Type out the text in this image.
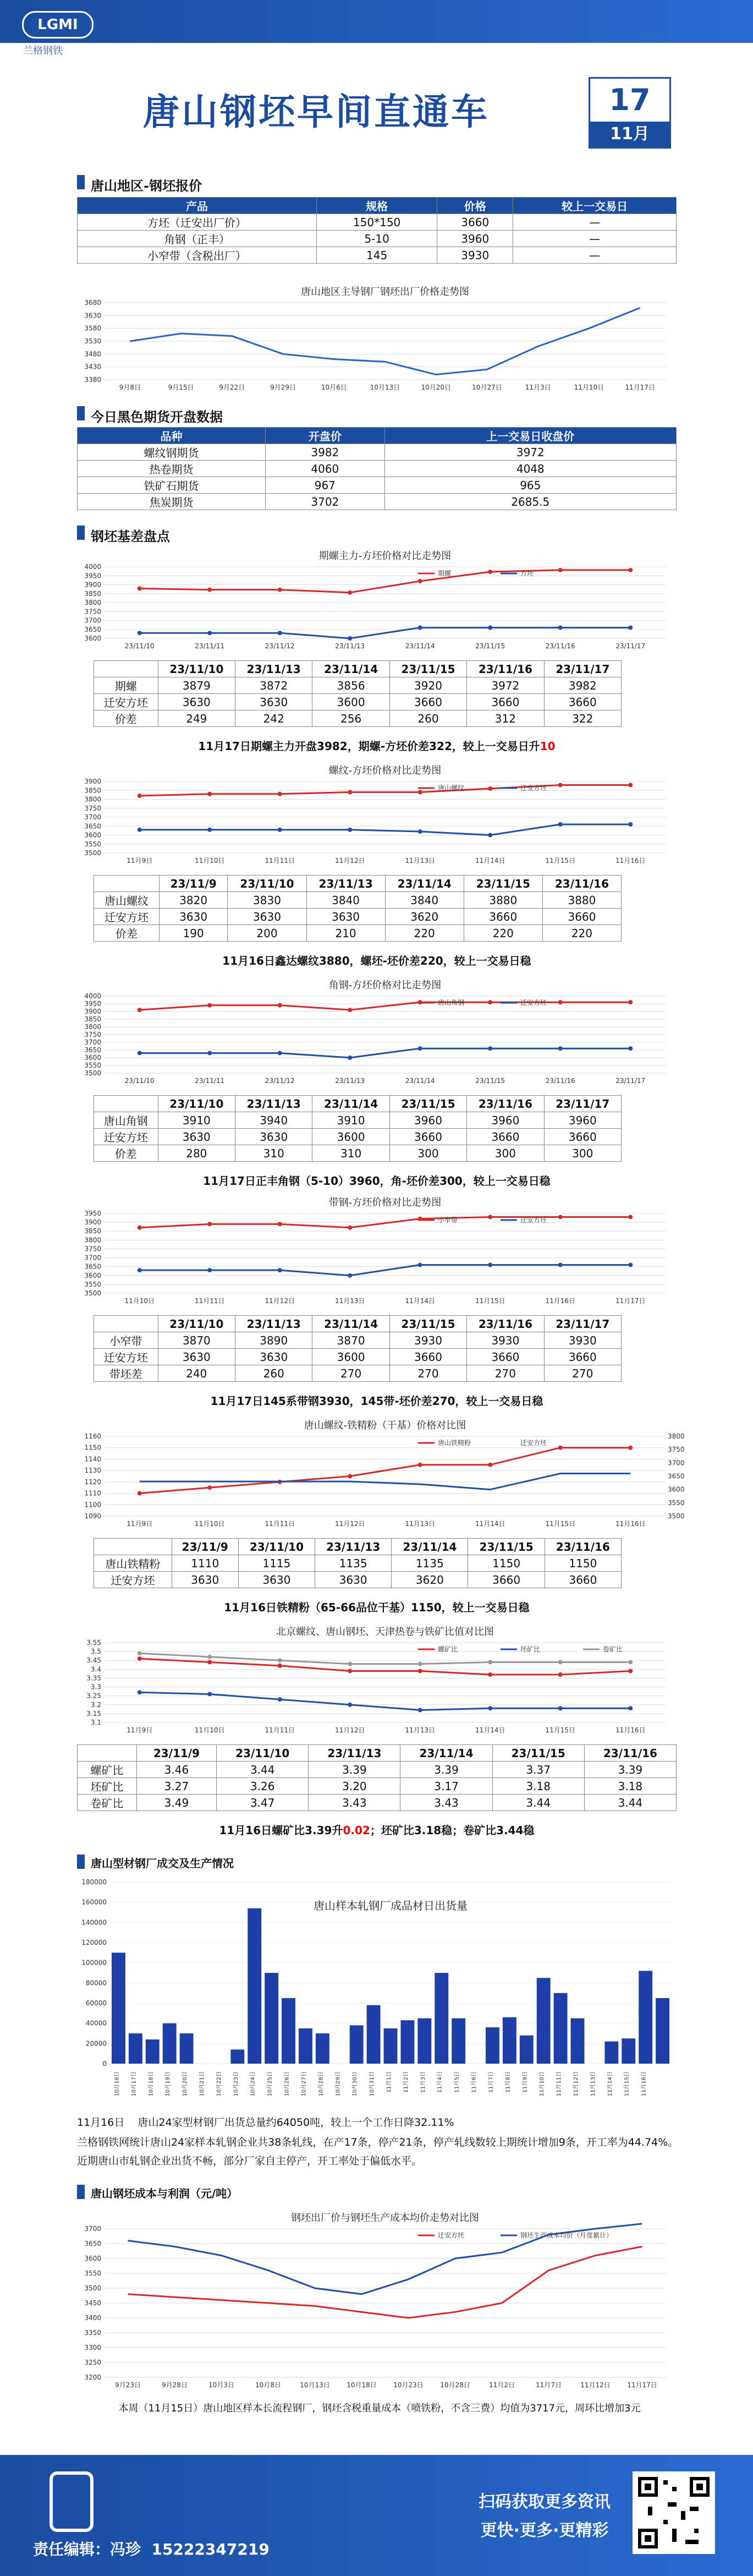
LGMI
兰格钢铁
唐山钢坯早间直通车	17
11月
唐山地区-钢坯报价
产品	规格	价格	较上一交易日
方坯（迁安出厂价）	150*150	3660	—
角钢（正丰）	5-10	3960	—
小窄带（含税出厂）	145	3930	—
3380
3430
3480
3530
3580
3630
3680
9月8日	9月15日	9月22日	9月29日	10月6日	10月13日	10月20日	10月27日	11月3日	11月10日	11月17日
唐山地区主导钢厂钢坯出厂价格走势图
今日黑色期货开盘数据
品种	开盘价	上一交易日收盘价
螺纹钢期货	3982	3972
热卷期货	4060	4048
铁矿石期货	967	965
焦炭期货	3702	2685.5
钢坯基差盘点
3600
3650
3700
3750
3800
3850
3900
3950
4000
23/11/10	23/11/11	23/11/12	23/11/13	23/11/14	23/11/15	23/11/16	23/11/17
期螺主力-方坯价格对比走势图
期螺	方坯
	23/11/10	23/11/13	23/11/14	23/11/15	23/11/16	23/11/17
期螺	3879	3872	3856	3920	3972	3982
迁安方坯	3630	3630	3600	3660	3660	3660
价差	249	242	256	260	312	322
11月17日期螺主力开盘3982，期螺-方坯价差322，较上一交易日升10
3500
3550
3600
3650
3700
3750
3800
3850
3900
11月9日	11月10日	11月11日	11月12日	11月13日	11月14日	11月15日	11月16日
螺纹-方坯价格对比走势图
唐山螺纹	迁安方坯
	23/11/9	23/11/10	23/11/13	23/11/14	23/11/15	23/11/16
唐山螺纹	3820	3830	3840	3840	3880	3880
迁安方坯	3630	3630	3630	3620	3660	3660
价差	190	200	210	220	220	220
11月16日鑫达螺纹3880，螺坯-坯价差220，较上一交易日稳
3500
3550
3600
3650
3700
3750
3800
3850
3900
3950
4000
23/11/10	23/11/11	23/11/12	23/11/13	23/11/14	23/11/15	23/11/16	23/11/17
角钢-方坯价格对比走势图
唐山角钢	迁安方坯
	23/11/10	23/11/13	23/11/14	23/11/15	23/11/16	23/11/17
唐山角钢	3910	3940	3910	3960	3960	3960
迁安方坯	3630	3630	3600	3660	3660	3660
价差	280	310	310	300	300	300
11月17日正丰角钢（5-10）3960，角-坯价差300，较上一交易日稳
3500
3550
3600
3650
3700
3750
3800
3850
3900
3950
11月10日	11月11日	11月12日	11月13日	11月14日	11月15日	11月16日	11月17日
带钢-方坯价格对比走势图
小窄带	迁安方坯
	23/11/10	23/11/13	23/11/14	23/11/15	23/11/16	23/11/17
小窄带	3870	3890	3870	3930	3930	3930
迁安方坯	3630	3630	3600	3660	3660	3660
带坯差	240	260	270	270	270	270
11月17日145系带钢3930，145带-坯价差270，较上一交易日稳
1090
1100
1110
1120
1130
1140
1150
1160
11月9日	11月10日	11月11日	11月12日	11月13日	11月14日	11月15日	11月16日
唐山螺纹-铁精粉（干基）价格对比图
唐山铁精粉	迁安方坯
3500
3550
3600
3650
3700
3750
3800
	23/11/9	23/11/10	23/11/13	23/11/14	23/11/15	23/11/16
唐山铁精粉	1110	1115	1135	1135	1150	1150
迁安方坯	3630	3630	3630	3620	3660	3660
11月16日铁精粉（65-66品位干基）1150，较上一交易日稳
3.1
3.15
3.2
3.25
3.3
3.35
3.4
3.45
3.5
3.55
11月9日	11月10日	11月11日	11月12日	11月13日	11月14日	11月15日	11月16日
北京螺纹、唐山钢坯、天津热卷与铁矿比值对比图
螺矿比	坯矿比	卷矿比
	23/11/9	23/11/10	23/11/13	23/11/14	23/11/15	23/11/16
螺矿比	3.46	3.44	3.39	3.39	3.37	3.39
坯矿比	3.27	3.26	3.20	3.17	3.18	3.18
卷矿比	3.49	3.47	3.43	3.43	3.44	3.44
11月16日螺矿比3.39升0.02；坯矿比3.18稳；卷矿比3.44稳
唐山型材钢厂成交及生产情况
0
20000
40000
60000
80000
100000
120000
140000
160000
180000
唐山样本轧钢厂成品材日出货量
10月16日 10月17日 10月18日 10月19日 10月20日 10月21日 10月22日 10月23日 10月24日 10月25日 10月26日 10月27日 10月28日 10月29日 10月30日 10月31日 11月1日 11月2日 11月3日 11月4日 11月5日 11月6日 11月7日 11月8日 11月9日 11月10日 11月11日 11月12日 11月13日 11月14日 11月15日 11月16日
11月16日 唐山24家型材钢厂出货总量约64050吨，较上一个工作日降32.11%
兰格钢铁网统计唐山24家样本轧钢企业共38条轧线，在产17条，停产21条，停产轧线数较上期统计增加9条，开工率为44.74%。近期唐山市轧钢企业出货不畅，部分厂家自主停产，开工率处于偏低水平。
唐山钢坯成本与利润（元/吨）
3200
3250
3300
3350
3400
3450
3500
3550
3600
3650
3700
9月23日	9月28日	10月3日	10月8日	10月13日	10月18日	10月23日	10月28日	11月2日	11月7日	11月12日	11月17日
钢坯出厂价与钢坯生产成本均价走势对比图
迁安方坯	钢坯生产成本均价（月度累计）
本周（11月15日）唐山地区样本长流程钢厂，钢坯含税重量成本（喷铁粉，不含三费）均值为3717元，周环比增加3元
责任编辑：冯珍 15222347219
扫码获取更多资讯
更快·更多·更精彩
